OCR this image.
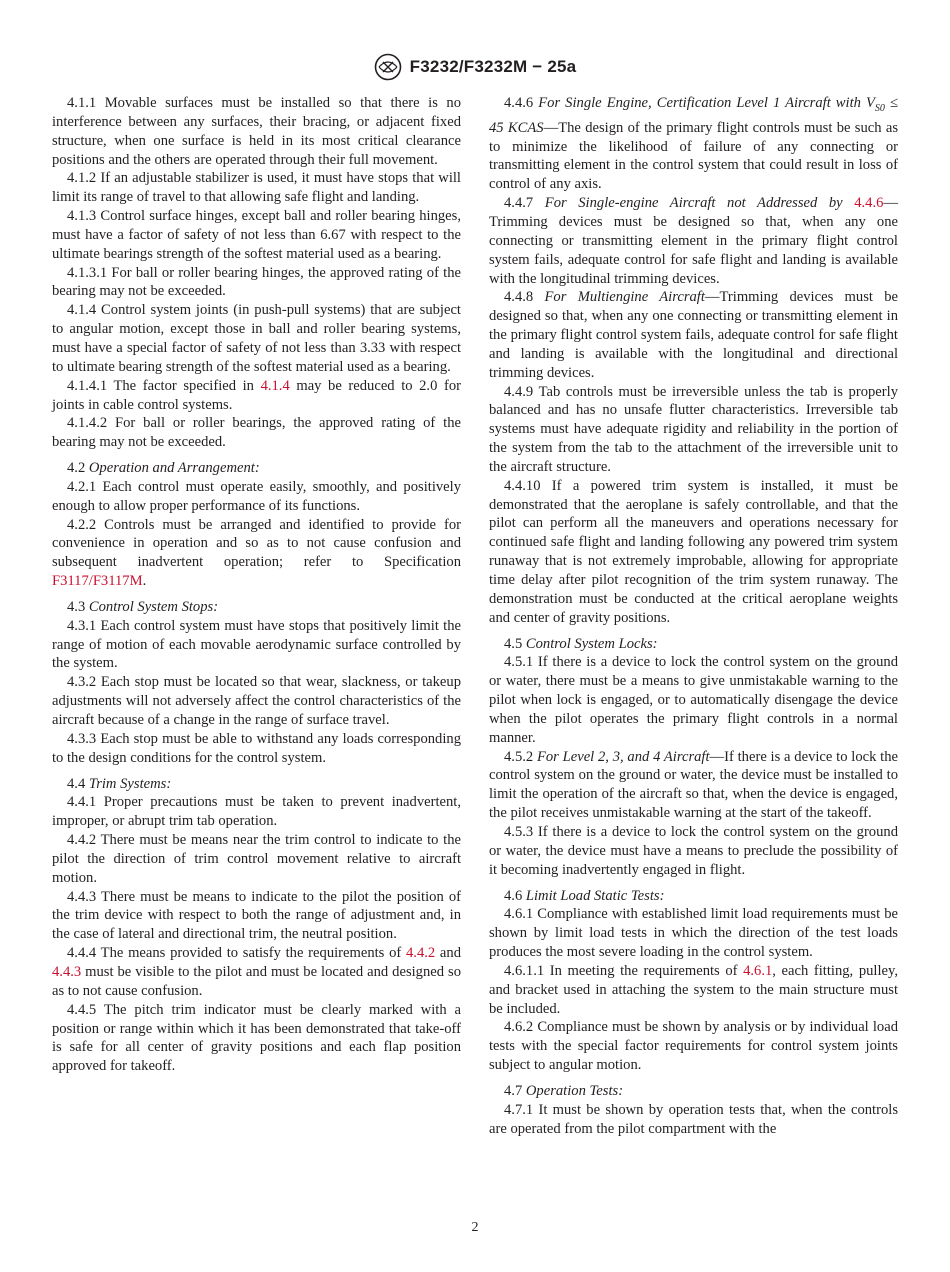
F3232/F3232M − 25a

4.1.1 Movable surfaces must be installed so that there is no interference between any surfaces, their bracing, or adjacent fixed structure, when one surface is held in its most critical clearance positions and the others are operated through their full movement.

4.1.2 If an adjustable stabilizer is used, it must have stops that will limit its range of travel to that allowing safe flight and landing.

4.1.3 Control surface hinges, except ball and roller bearing hinges, must have a factor of safety of not less than 6.67 with respect to the ultimate bearings strength of the softest material used as a bearing.

4.1.3.1 For ball or roller bearing hinges, the approved rating of the bearing may not be exceeded.

4.1.4 Control system joints (in push-pull systems) that are subject to angular motion, except those in ball and roller bearing systems, must have a special factor of safety of not less than 3.33 with respect to ultimate bearing strength of the softest material used as a bearing.

4.1.4.1 The factor specified in 4.1.4 may be reduced to 2.0 for joints in cable control systems.

4.1.4.2 For ball or roller bearings, the approved rating of the bearing may not be exceeded.

4.2 Operation and Arrangement:

4.2.1 Each control must operate easily, smoothly, and positively enough to allow proper performance of its functions.

4.2.2 Controls must be arranged and identified to provide for convenience in operation and so as to not cause confusion and subsequent inadvertent operation; refer to Specification F3117/F3117M.

4.3 Control System Stops:

4.3.1 Each control system must have stops that positively limit the range of motion of each movable aerodynamic surface controlled by the system.

4.3.2 Each stop must be located so that wear, slackness, or takeup adjustments will not adversely affect the control characteristics of the aircraft because of a change in the range of surface travel.

4.3.3 Each stop must be able to withstand any loads corresponding to the design conditions for the control system.

4.4 Trim Systems:

4.4.1 Proper precautions must be taken to prevent inadvertent, improper, or abrupt trim tab operation.

4.4.2 There must be means near the trim control to indicate to the pilot the direction of trim control movement relative to aircraft motion.

4.4.3 There must be means to indicate to the pilot the position of the trim device with respect to both the range of adjustment and, in the case of lateral and directional trim, the neutral position.

4.4.4 The means provided to satisfy the requirements of 4.4.2 and 4.4.3 must be visible to the pilot and must be located and designed so as to not cause confusion.

4.4.5 The pitch trim indicator must be clearly marked with a position or range within which it has been demonstrated that take-off is safe for all center of gravity positions and each flap position approved for takeoff.

4.4.6 For Single Engine, Certification Level 1 Aircraft with $V_{S0} \le 45$ KCAS—The design of the primary flight controls must be such as to minimize the likelihood of failure of any connecting or transmitting element in the control system that could result in loss of control of any axis.

4.4.7 For Single-engine Aircraft not Addressed by 4.4.6—Trimming devices must be designed so that, when any one connecting or transmitting element in the primary flight control system fails, adequate control for safe flight and landing is available with the longitudinal trimming devices.

4.4.8 For Multiengine Aircraft—Trimming devices must be designed so that, when any one connecting or transmitting element in the primary flight control system fails, adequate control for safe flight and landing is available with the longitudinal and directional trimming devices.

4.4.9 Tab controls must be irreversible unless the tab is properly balanced and has no unsafe flutter characteristics. Irreversible tab systems must have adequate rigidity and reliability in the portion of the system from the tab to the attachment of the irreversible unit to the aircraft structure.

4.4.10 If a powered trim system is installed, it must be demonstrated that the aeroplane is safely controllable, and that the pilot can perform all the maneuvers and operations necessary for continued safe flight and landing following any powered trim system runaway that is not extremely improbable, allowing for appropriate time delay after pilot recognition of the trim system runaway. The demonstration must be conducted at the critical aeroplane weights and center of gravity positions.

4.5 Control System Locks:

4.5.1 If there is a device to lock the control system on the ground or water, there must be a means to give unmistakable warning to the pilot when lock is engaged, or to automatically disengage the device when the pilot operates the primary flight controls in a normal manner.

4.5.2 For Level 2, 3, and 4 Aircraft—If there is a device to lock the control system on the ground or water, the device must be installed to limit the operation of the aircraft so that, when the device is engaged, the pilot receives unmistakable warning at the start of the takeoff.

4.5.3 If there is a device to lock the control system on the ground or water, the device must have a means to preclude the possibility of it becoming inadvertently engaged in flight.

4.6 Limit Load Static Tests:

4.6.1 Compliance with established limit load requirements must be shown by limit load tests in which the direction of the test loads produces the most severe loading in the control system.

4.6.1.1 In meeting the requirements of 4.6.1, each fitting, pulley, and bracket used in attaching the system to the main structure must be included.

4.6.2 Compliance must be shown by analysis or by individual load tests with the special factor requirements for control system joints subject to angular motion.

4.7 Operation Tests:

4.7.1 It must be shown by operation tests that, when the controls are operated from the pilot compartment with the

2
